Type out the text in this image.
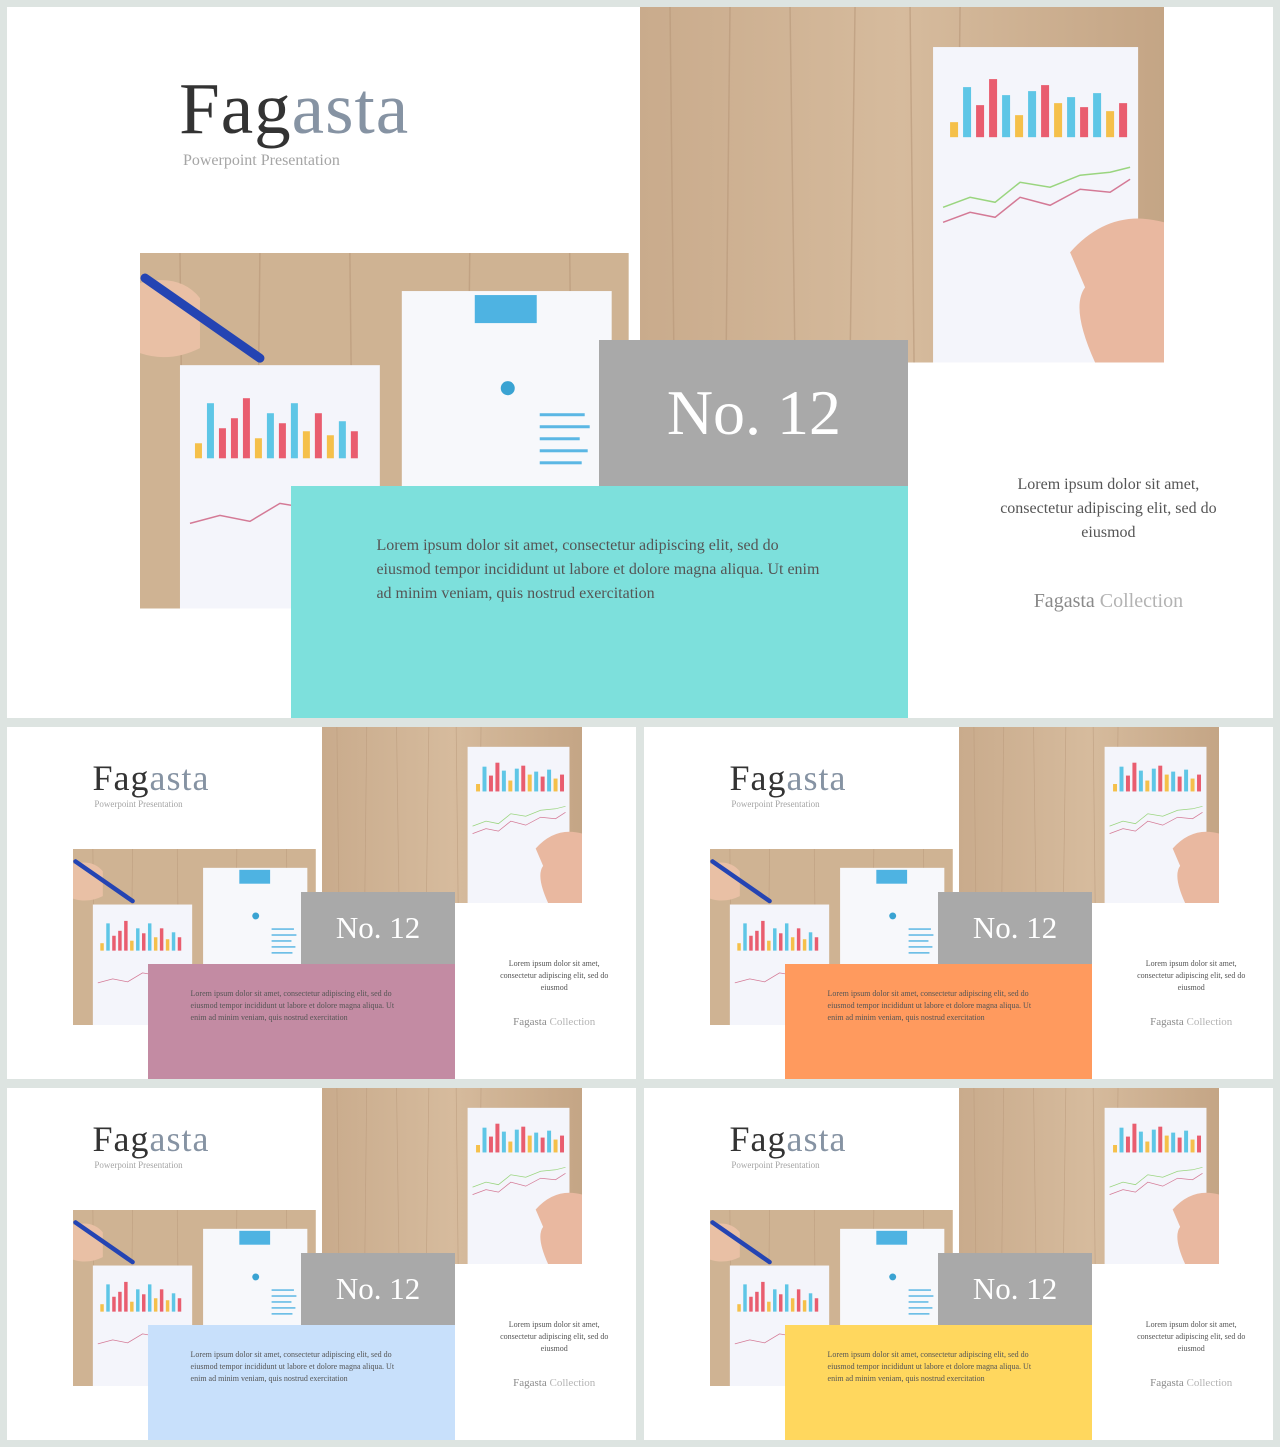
No. 12
Lorem ipsum dolor sit amet, consectetur adipiscing elit, sed do eiusmod tempor incididunt ut labore et dolore magna aliqua. Ut enim ad minim veniam, quis nostrud exercitation
Fagasta
Powerpoint Presentation
Lorem ipsum dolor sit amet, consectetur adipiscing elit, sed do eiusmod
Fagasta Collection
No. 12
Lorem ipsum dolor sit amet, consectetur adipiscing elit, sed do eiusmod tempor incididunt ut labore et dolore magna aliqua. Ut enim ad minim veniam, quis nostrud exercitation
Fagasta
Powerpoint Presentation
Lorem ipsum dolor sit amet, consectetur adipiscing elit, sed do eiusmod
Fagasta Collection
No. 12
Lorem ipsum dolor sit amet, consectetur adipiscing elit, sed do eiusmod tempor incididunt ut labore et dolore magna aliqua. Ut enim ad minim veniam, quis nostrud exercitation
Fagasta
Powerpoint Presentation
Lorem ipsum dolor sit amet, consectetur adipiscing elit, sed do eiusmod
Fagasta Collection
No. 12
Lorem ipsum dolor sit amet, consectetur adipiscing elit, sed do eiusmod tempor incididunt ut labore et dolore magna aliqua. Ut enim ad minim veniam, quis nostrud exercitation
Fagasta
Powerpoint Presentation
Lorem ipsum dolor sit amet, consectetur adipiscing elit, sed do eiusmod
Fagasta Collection
No. 12
Lorem ipsum dolor sit amet, consectetur adipiscing elit, sed do eiusmod tempor incididunt ut labore et dolore magna aliqua. Ut enim ad minim veniam, quis nostrud exercitation
Fagasta
Powerpoint Presentation
Lorem ipsum dolor sit amet, consectetur adipiscing elit, sed do eiusmod
Fagasta Collection
